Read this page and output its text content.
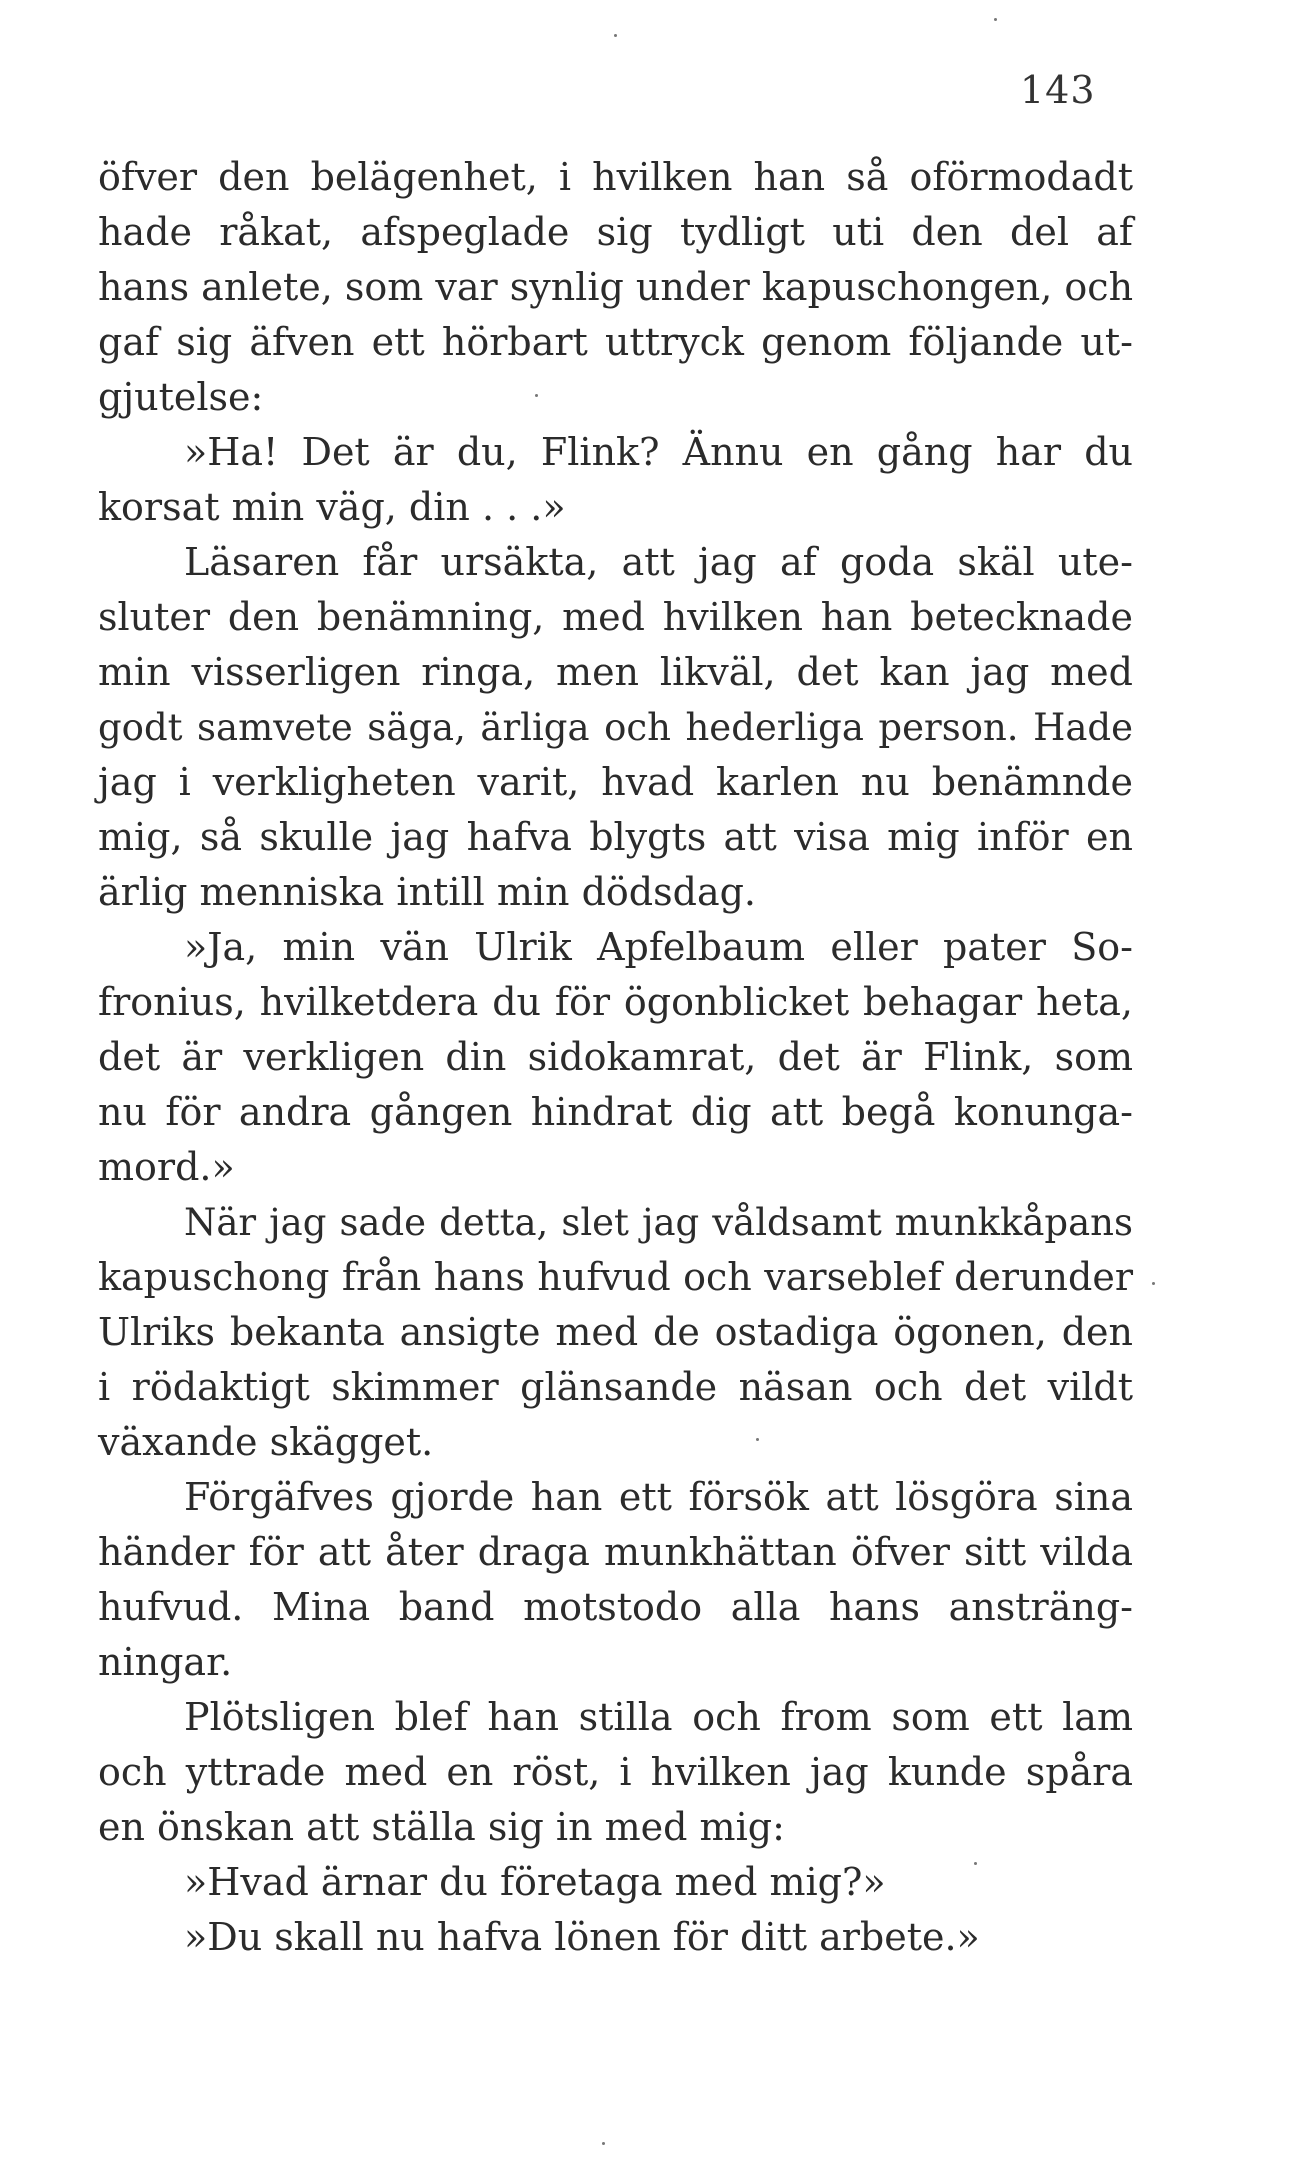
143
öfver den belägenhet, i hvilken han så oförmodadt
hade råkat, afspeglade sig tydligt uti den del af
hans anlete, som var synlig under kapuschongen, och
gaf sig äfven ett hörbart uttryck genom följande ut-
gjutelse:
»Ha! Det är du, Flink? Ännu en gång har du
korsat min väg, din . . .»
Läsaren får ursäkta, att jag af goda skäl ute-
sluter den benämning, med hvilken han betecknade
min visserligen ringa, men likväl, det kan jag med
godt samvete säga, ärliga och hederliga person. Hade
jag i verkligheten varit, hvad karlen nu benämnde
mig, så skulle jag hafva blygts att visa mig inför en
ärlig menniska intill min dödsdag.
»Ja, min vän Ulrik Apfelbaum eller pater So-
fronius, hvilketdera du för ögonblicket behagar heta,
det är verkligen din sidokamrat, det är Flink, som
nu för andra gången hindrat dig att begå konunga-
mord.»
När jag sade detta, slet jag våldsamt munkkåpans
kapuschong från hans hufvud och varseblef derunder
Ulriks bekanta ansigte med de ostadiga ögonen, den
i rödaktigt skimmer glänsande näsan och det vildt
växande skägget.
Förgäfves gjorde han ett försök att lösgöra sina
händer för att åter draga munkhättan öfver sitt vilda
hufvud. Mina band motstodo alla hans ansträng-
ningar.
Plötsligen blef han stilla och from som ett lam
och yttrade med en röst, i hvilken jag kunde spåra
en önskan att ställa sig in med mig:
»Hvad ärnar du företaga med mig?»
»Du skall nu hafva lönen för ditt arbete.»
